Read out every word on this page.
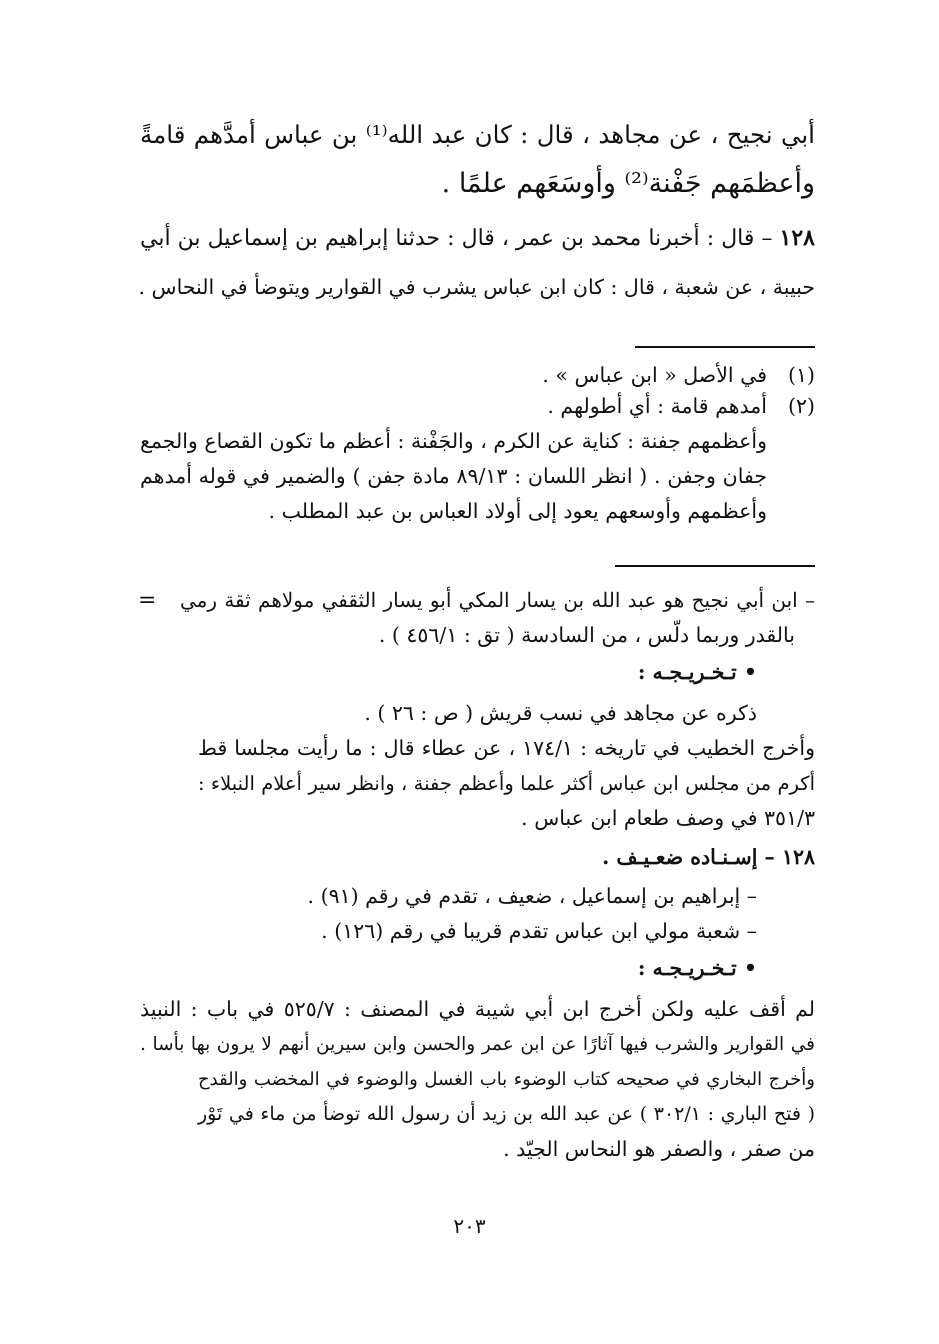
أبي نجيح ، عن مجاهد ، قال : كان عبد الله⁽¹⁾ بن عباس أمدَّهم قامةً
وأعظمَهم جَفْنة⁽²⁾ وأوسَعَهم علمًا .
١٢٨ – قال : أخبرنا محمد بن عمر ، قال : حدثنا إبراهيم بن إسماعيل بن أبي
حبيبة ، عن شعبة ، قال : كان ابن عباس يشرب في القوارير ويتوضأ في النحاس .
(١)
في الأصل « ابن عباس » .
(٢)
أمدهم قامة : أي أطولهم .
وأعظمهم جفنة : كناية عن الكرم ، والجَفْنة : أعظم ما تكون القصاع والجمع
جفان وجفن . ( انظر اللسان : ٨٩/١٣ مادة جفن ) والضمير في قوله أمدهم
وأعظمهم وأوسعهم يعود إلى أولاد العباس بن عبد المطلب .
= – ابن أبي نجيح هو عبد الله بن يسار المكي أبو يسار الثقفي مولاهم ثقة رمي
بالقدر وربما دلّس ، من السادسة ( تق : ٤٥٦/١ ) .
• تـخـريـجـه :
ذكره عن مجاهد في نسب قريش ( ص : ٢٦ ) .
وأخرج الخطيب في تاريخه : ١٧٤/١ ، عن عطاء قال : ما رأيت مجلسا قط
أكرم من مجلس ابن عباس أكثر علما وأعظم جفنة ، وانظر سير أعلام النبلاء :
٣٥١/٣ في وصف طعام ابن عباس .
١٢٨ – إسـنـاده ضعـيـف .
– إبراهيم بن إسماعيل ، ضعيف ، تقدم في رقم (٩١) .
– شعبة مولي ابن عباس تقدم قريبا في رقم (١٢٦) .
• تـخـريـجـه :
لم أقف عليه ولكن أخرج ابن أبي شيبة في المصنف : ٥٢٥/٧ في باب : النبيذ
في القوارير والشرب فيها آثارًا عن ابن عمر والحسن وابن سيرين أنهم لا يرون بها بأسا .
وأخرج البخاري في صحيحه كتاب الوضوء باب الغسل والوضوء في المخضب والقدح
( فتح الباري : ٣٠٢/١ ) عن عبد الله بن زيد أن رسول الله توضأ من ماء في تَوْر
من صفر ، والصفر هو النحاس الجيّد .
٢٠٣
